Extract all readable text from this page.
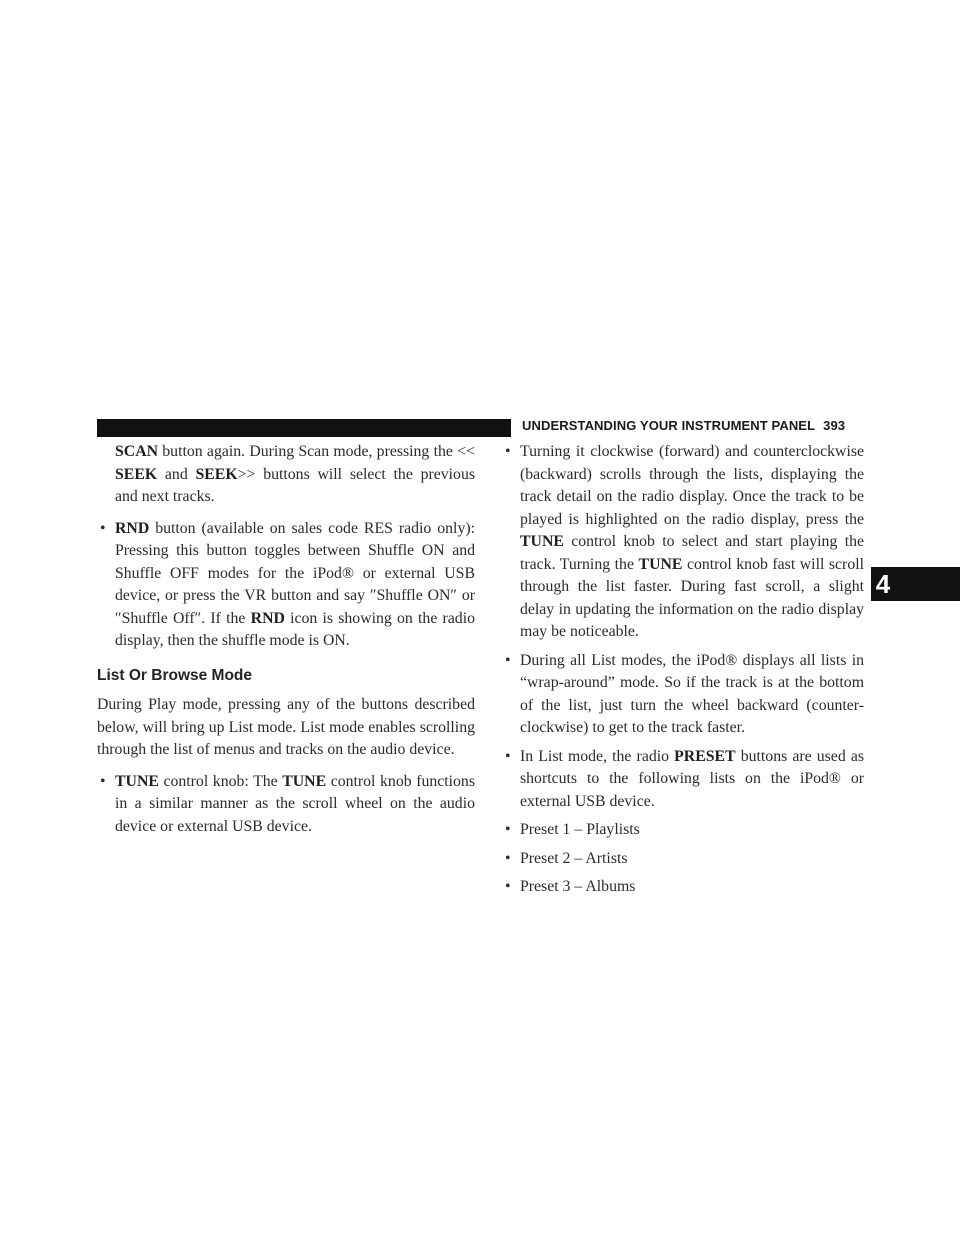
UNDERSTANDING YOUR INSTRUMENT PANEL 393
4

SCAN button again. During Scan mode, pressing the << SEEK and SEEK>> buttons will select the previous and next tracks.

• RND button (available on sales code RES radio only): Pressing this button toggles between Shuffle ON and Shuffle OFF modes for the iPod® or external USB device, or press the VR button and say ″Shuffle ON″ or ″Shuffle Off″. If the RND icon is showing on the radio display, then the shuffle mode is ON.

List Or Browse Mode

During Play mode, pressing any of the buttons described below, will bring up List mode. List mode enables scrolling through the list of menus and tracks on the audio device.

• TUNE control knob: The TUNE control knob functions in a similar manner as the scroll wheel on the audio device or external USB device.

• Turning it clockwise (forward) and counterclockwise (backward) scrolls through the lists, displaying the track detail on the radio display. Once the track to be played is highlighted on the radio display, press the TUNE control knob to select and start playing the track. Turning the TUNE control knob fast will scroll through the list faster. During fast scroll, a slight delay in updating the information on the radio display may be noticeable.

• During all List modes, the iPod® displays all lists in “wrap-around” mode. So if the track is at the bottom of the list, just turn the wheel backward (counter-clockwise) to get to the track faster.

• In List mode, the radio PRESET buttons are used as shortcuts to the following lists on the iPod® or external USB device.

• Preset 1 – Playlists

• Preset 2 – Artists

• Preset 3 – Albums
